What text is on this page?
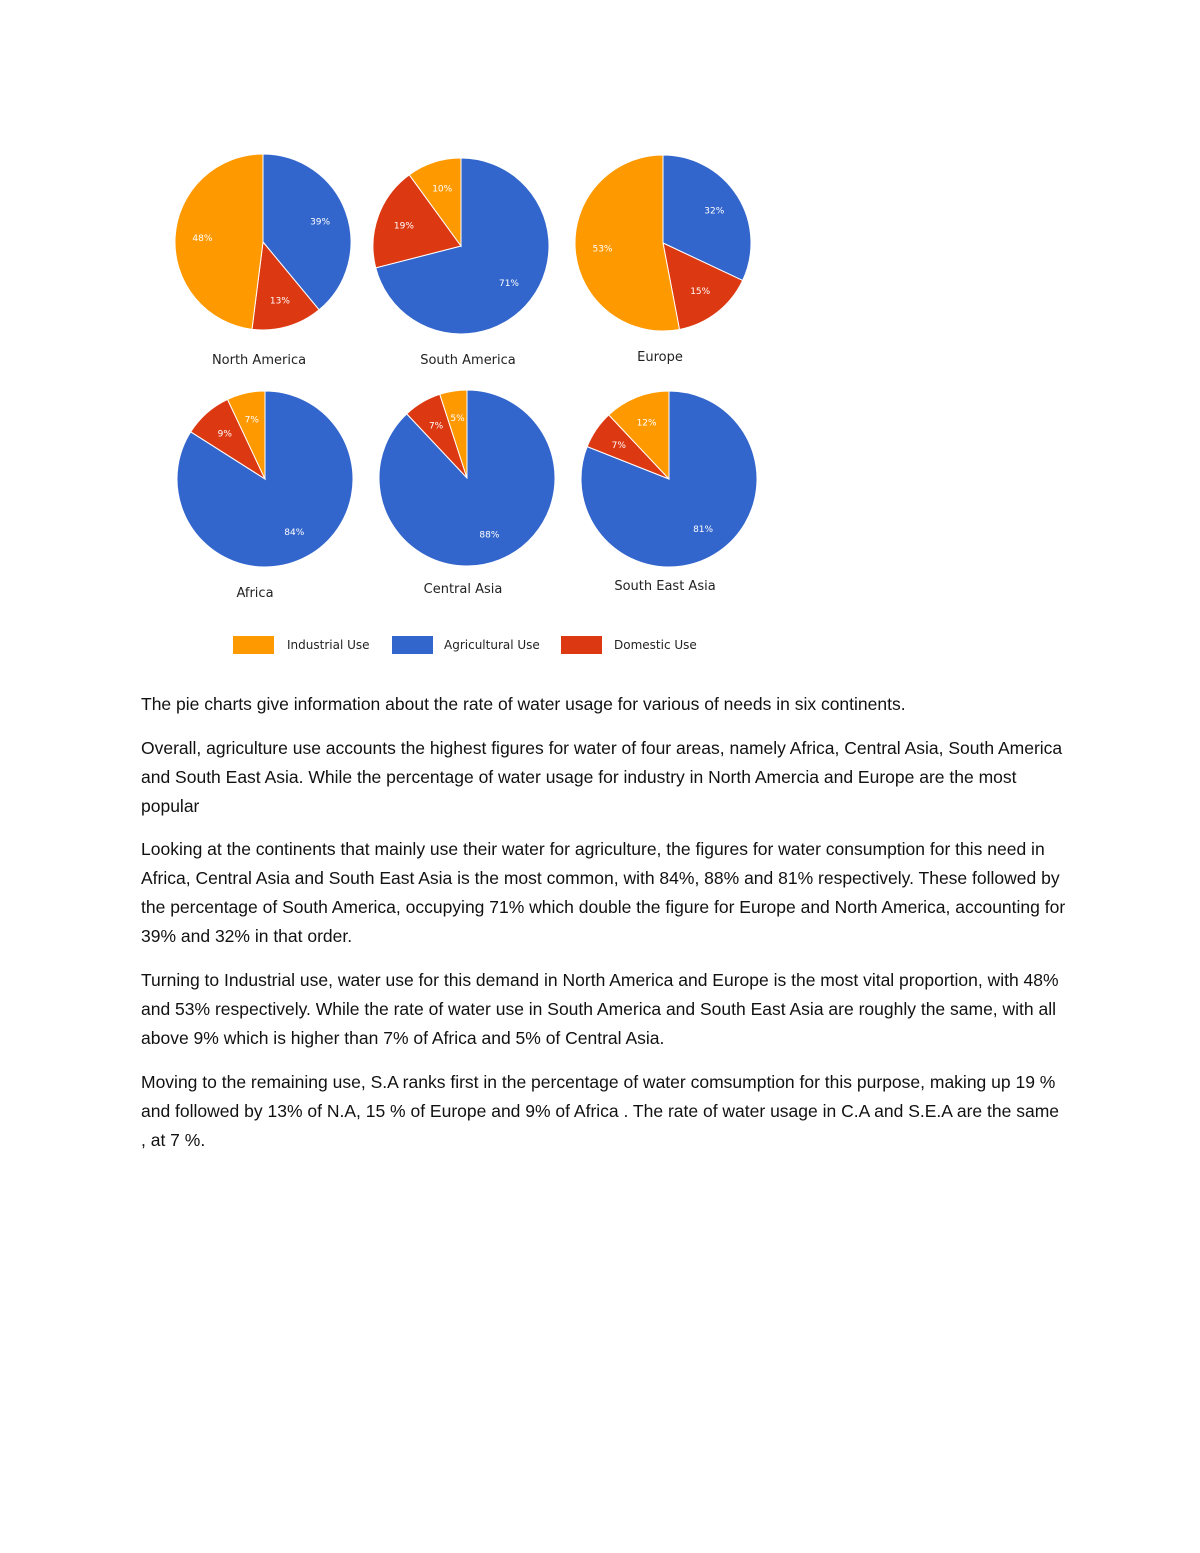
39%
13%
48%
North America
71%
19%
10%
South America
32%
15%
53%
Europe
84%
9%
7%
Africa
88%
7%
5%
Central Asia
81%
7%
12%
South East Asia
Industrial Use	Agricultural Use	Domestic Use

The pie charts give information about the rate of water usage for various of needs in six continents.

Overall, agriculture use accounts the highest figures for water of four areas, namely Africa, Central Asia, South America and South East Asia. While the percentage of water usage for industry in North Amercia and Europe are the most popular

Looking at the continents that mainly use their water for agriculture, the figures for water consumption for this need in Africa, Central Asia and South East Asia is the most common, with 84%, 88% and 81% respectively. These followed by the percentage of South America, occupying 71% which double the figure for Europe and North America, accounting for 39% and 32% in that order.

Turning to Industrial use, water use for this demand in North America and Europe is the most vital proportion, with 48% and 53% respectively. While the rate of water use in South America and South East Asia are roughly the same, with all above 9% which is higher than 7% of Africa and 5% of Central Asia.

Moving to the remaining use, S.A ranks first in the percentage of water comsumption for this purpose, making up 19 % and followed by 13% of N.A, 15 % of Europe and 9% of Africa . The rate of water usage in C.A and S.E.A are the same , at 7 %.
